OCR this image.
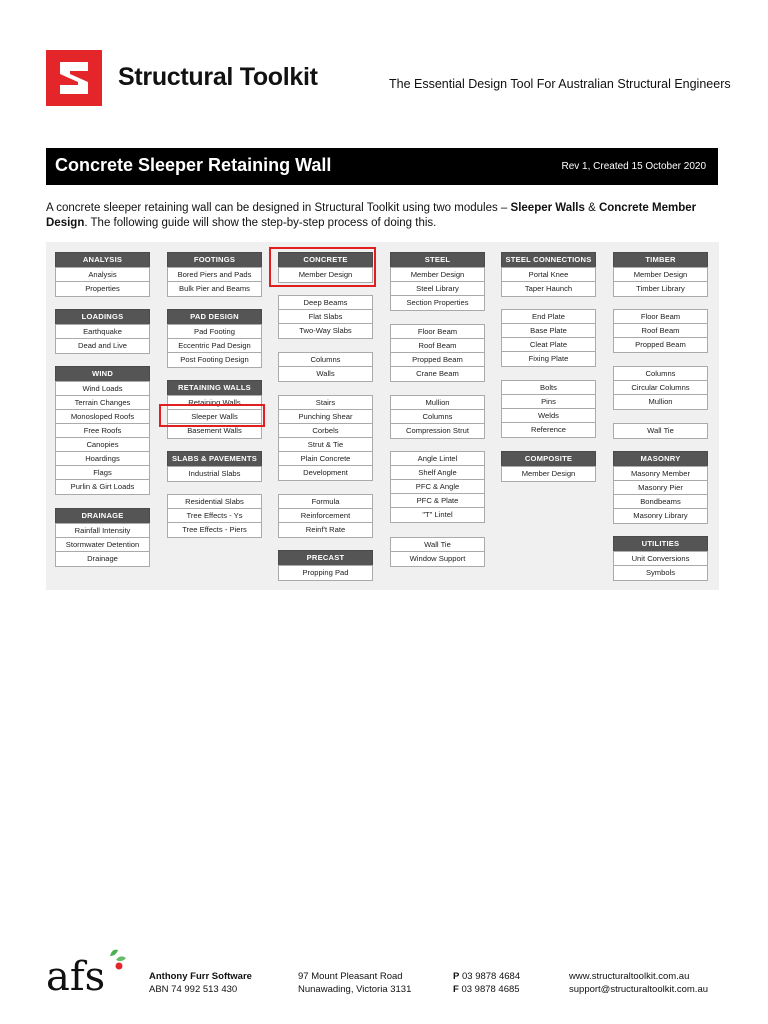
Structural Toolkit	The Essential Design Tool For Australian Structural Engineers
Concrete Sleeper Retaining Wall	Rev 1, Created 15 October 2020
A concrete sleeper retaining wall can be designed in Structural Toolkit using two modules – Sleeper Walls & Concrete Member Design. The following guide will show the step-by-step process of doing this.
ANALYSIS
Analysis
Properties
LOADINGS
Earthquake
Dead and Live
WIND
Wind Loads
Terrain Changes
Monosloped Roofs
Free Roofs
Canopies
Hoardings
Flags
Purlin & Girt Loads
DRAINAGE
Rainfall Intensity
Stormwater Detention
Drainage
FOOTINGS
Bored Piers and Pads
Bulk Pier and Beams
PAD DESIGN
Pad Footing
Eccentric Pad Design
Post Footing Design
RETAINING WALLS
Retaining Walls
Sleeper Walls
Basement Walls
SLABS & PAVEMENTS
Industrial Slabs
Residential Slabs
Tree Effects - Ys
Tree Effects - Piers
CONCRETE
Member Design
Deep Beams
Flat Slabs
Two-Way Slabs
Columns
Walls
Stairs
Punching Shear
Corbels
Strut & Tie
Plain Concrete
Development
Formula
Reinforcement
Reinf't Rate
PRECAST
Propping Pad
STEEL
Member Design
Steel Library
Section Properties
Floor Beam
Roof Beam
Propped Beam
Crane Beam
Mullion
Columns
Compression Strut
Angle Lintel
Shelf Angle
PFC & Angle
PFC & Plate
"T" Lintel
Wall Tie
Window Support
STEEL CONNECTIONS
Portal Knee
Taper Haunch
End Plate
Base Plate
Cleat Plate
Fixing Plate
Bolts
Pins
Welds
Reference
COMPOSITE
Member Design
TIMBER
Member Design
Timber Library
Floor Beam
Roof Beam
Propped Beam
Columns
Circular Columns
Mullion
Wall Tie
MASONRY
Masonry Member
Masonry Pier
Bondbeams
Masonry Library
UTILITIES
Unit Conversions
Symbols
afs	Anthony Furr Software
ABN 74 992 513 430
97 Mount Pleasant Road
Nunawading, Victoria 3131
P 03 9878 4684
F 03 9878 4685
www.structuraltoolkit.com.au
support@structuraltoolkit.com.au
